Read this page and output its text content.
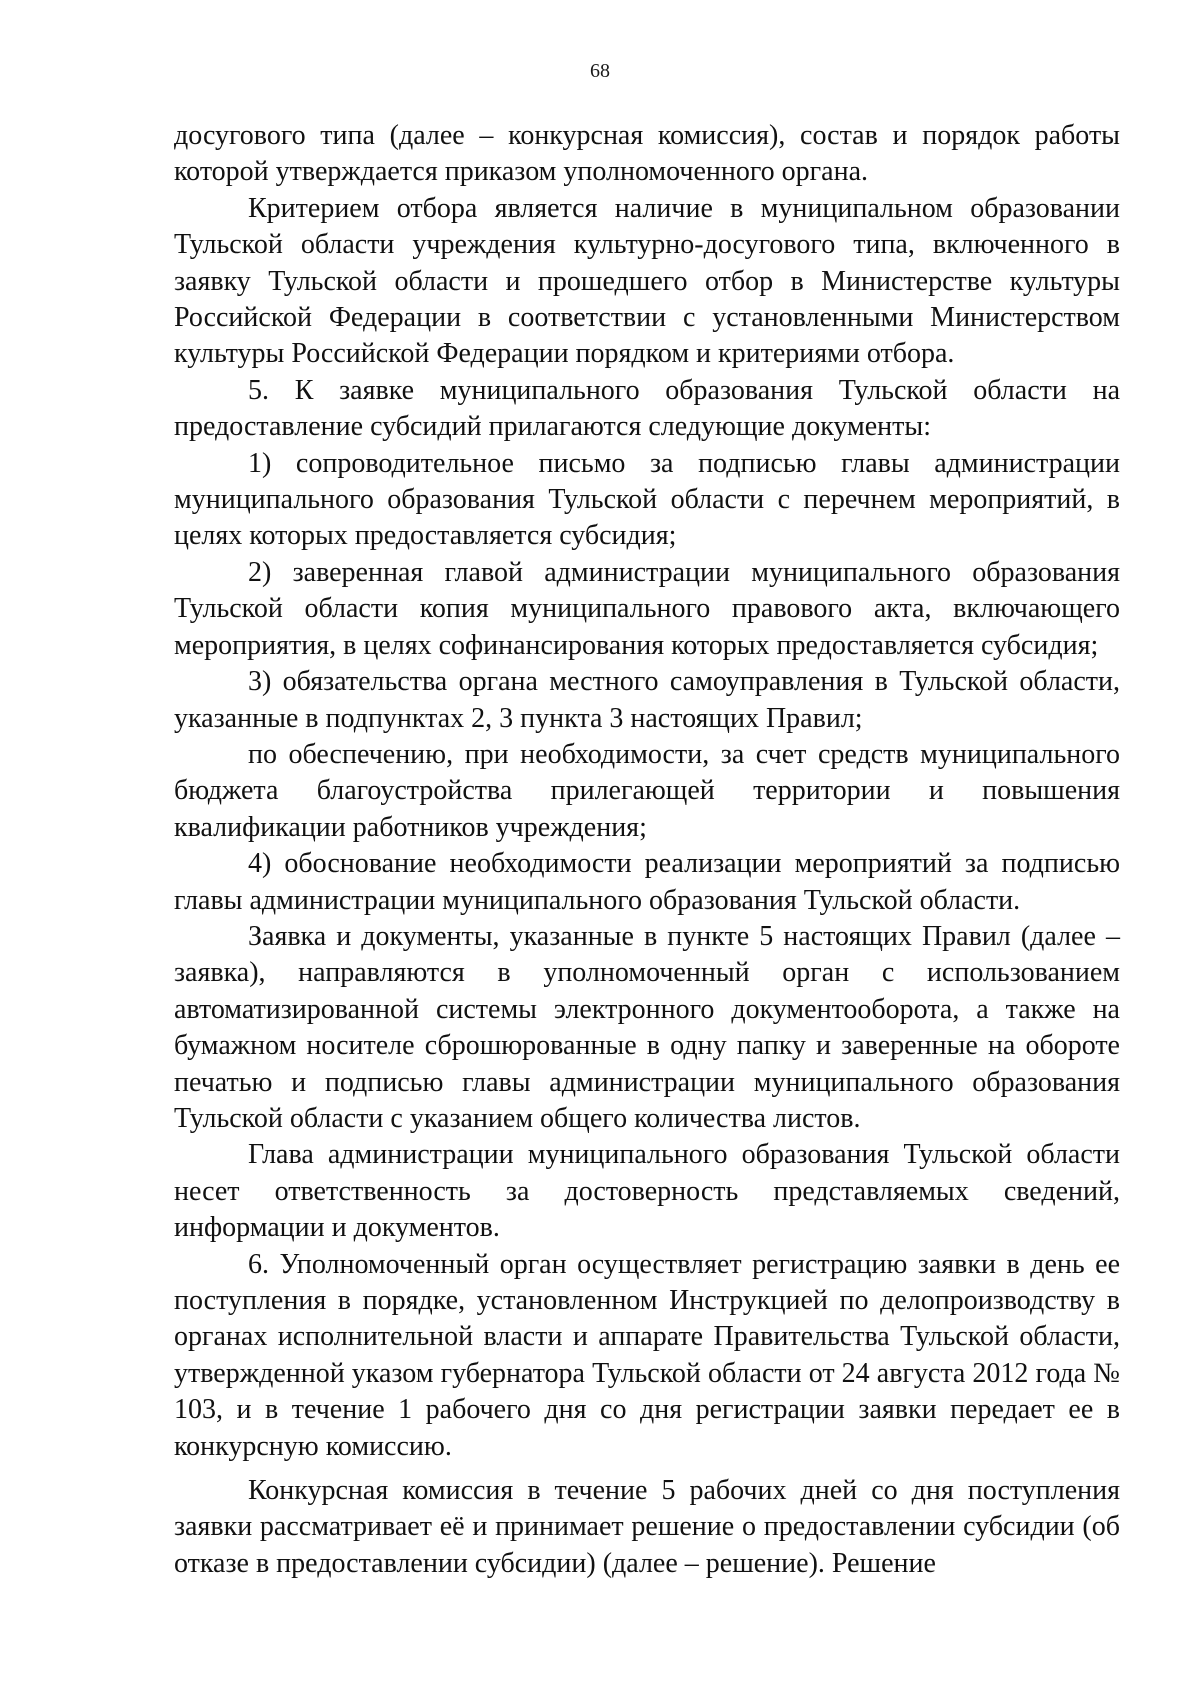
68

досугового типа (далее – конкурсная комиссия), состав и порядок работы которой утверждается приказом уполномоченного органа.

Критерием отбора является наличие в муниципальном образовании Тульской области учреждения культурно-досугового типа, включенного в заявку Тульской области и прошедшего отбор в Министерстве культуры Российской Федерации в соответствии с установленными Министерством культуры Российской Федерации порядком и критериями отбора.

5. К заявке муниципального образования Тульской области на предоставление субсидий прилагаются следующие документы:

1) сопроводительное письмо за подписью главы администрации муниципального образования Тульской области с перечнем мероприятий, в целях которых предоставляется субсидия;

2) заверенная главой администрации муниципального образования Тульской области копия муниципального правового акта, включающего мероприятия, в целях софинансирования которых предоставляется субсидия;

3) обязательства органа местного самоуправления в Тульской области, указанные в подпунктах 2, 3 пункта 3 настоящих Правил;

по обеспечению, при необходимости, за счет средств муниципального бюджета благоустройства прилегающей территории и повышения квалификации работников учреждения;

4) обоснование необходимости реализации мероприятий за подписью главы администрации муниципального образования Тульской области.

Заявка и документы, указанные в пункте 5 настоящих Правил (далее – заявка), направляются в уполномоченный орган с использованием автоматизированной системы электронного документооборота, а также на бумажном носителе сброшюрованные в одну папку и заверенные на обороте печатью и подписью главы администрации муниципального образования Тульской области с указанием общего количества листов.

Глава администрации муниципального образования Тульской области несет ответственность за достоверность представляемых сведений, информации и документов.

6. Уполномоченный орган осуществляет регистрацию заявки в день ее поступления в порядке, установленном Инструкцией по делопроизводству в органах исполнительной власти и аппарате Правительства Тульской области, утвержденной указом губернатора Тульской области от 24 августа 2012 года № 103, и в течение 1 рабочего дня со дня регистрации заявки передает ее в конкурсную комиссию.

Конкурсная комиссия в течение 5 рабочих дней со дня поступления заявки рассматривает её и принимает решение о предоставлении субсидии (об отказе в предоставлении субсидии) (далее – решение). Решение
